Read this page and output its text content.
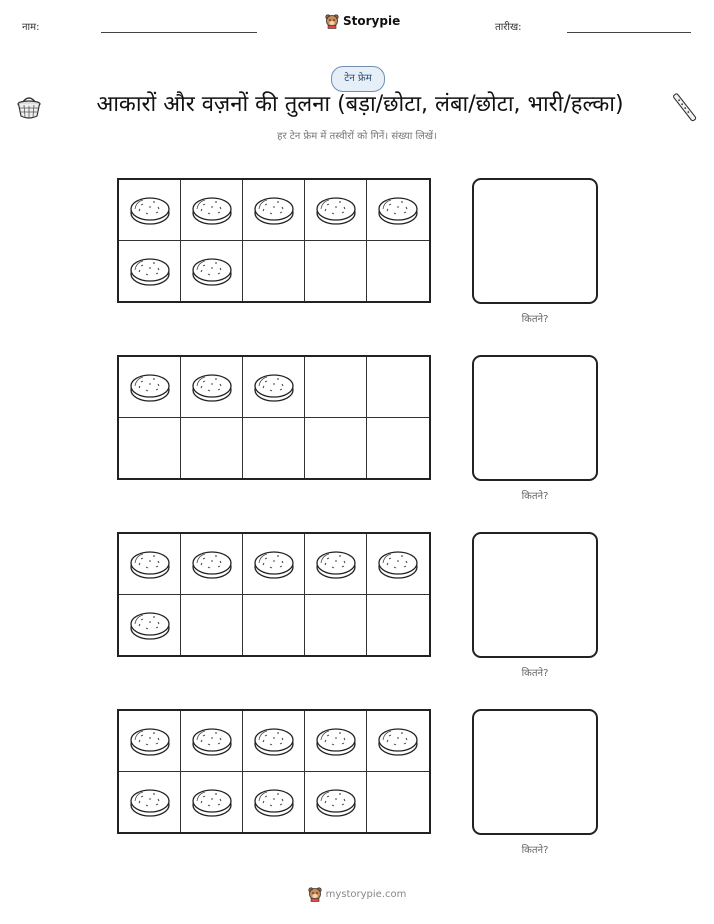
नाम:	Storypie	तारीख:
टेन फ्रेम
आकारों और वज़नों की तुलना (बड़ा/छोटा, लंबा/छोटा, भारी/हल्का)
हर टेन फ्रेम में तस्वीरों को गिनें। संख्या लिखें।
कितने?
कितने?
कितने?
कितने?
mystorypie.com
